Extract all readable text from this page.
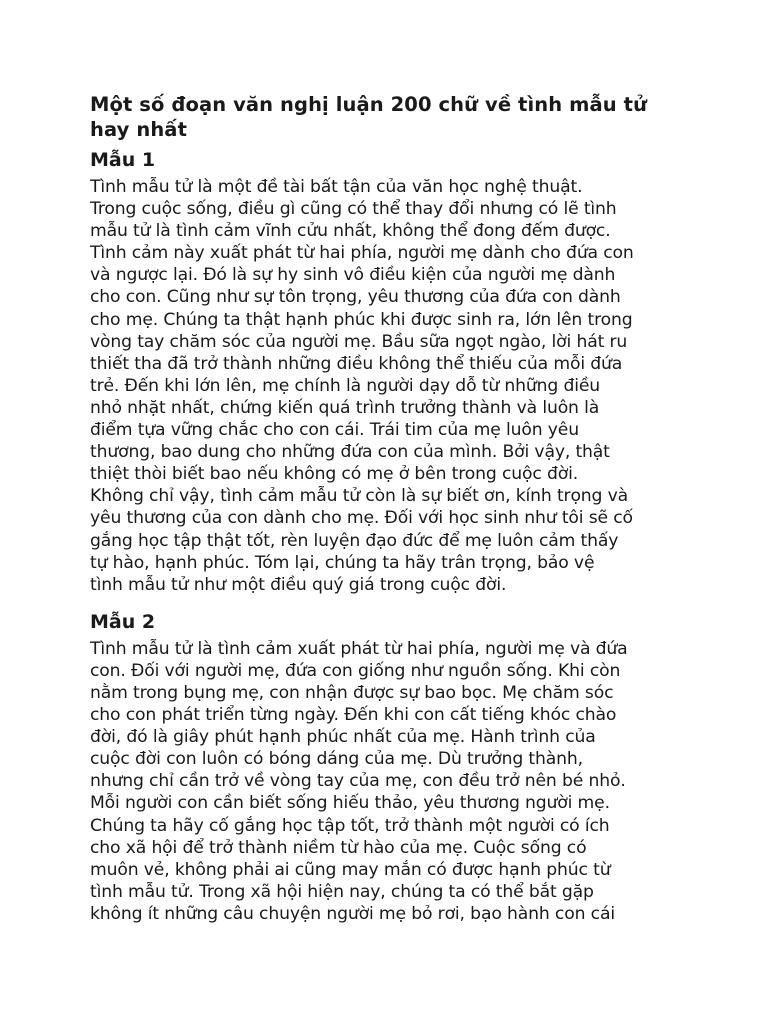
Một số đoạn văn nghị luận 200 chữ về tình mẫu tử
hay nhất
Mẫu 1

Tình mẫu tử là một đề tài bất tận của văn học nghệ thuật.
Trong cuộc sống, điều gì cũng có thể thay đổi nhưng có lẽ tình
mẫu tử là tình cảm vĩnh cửu nhất, không thể đong đếm được.
Tình cảm này xuất phát từ hai phía, người mẹ dành cho đứa con
và ngược lại. Đó là sự hy sinh vô điều kiện của người mẹ dành
cho con. Cũng như sự tôn trọng, yêu thương của đứa con dành
cho mẹ. Chúng ta thật hạnh phúc khi được sinh ra, lớn lên trong
vòng tay chăm sóc của người mẹ. Bầu sữa ngọt ngào, lời hát ru
thiết tha đã trở thành những điều không thể thiếu của mỗi đứa
trẻ. Đến khi lớn lên, mẹ chính là người dạy dỗ từ những điều
nhỏ nhặt nhất, chứng kiến quá trình trưởng thành và luôn là
điểm tựa vững chắc cho con cái. Trái tim của mẹ luôn yêu
thương, bao dung cho những đứa con của mình. Bởi vậy, thật
thiệt thòi biết bao nếu không có mẹ ở bên trong cuộc đời.
Không chỉ vậy, tình cảm mẫu tử còn là sự biết ơn, kính trọng và
yêu thương của con dành cho mẹ. Đối với học sinh như tôi sẽ cố
gắng học tập thật tốt, rèn luyện đạo đức để mẹ luôn cảm thấy
tự hào, hạnh phúc. Tóm lại, chúng ta hãy trân trọng, bảo vệ
tình mẫu tử như một điều quý giá trong cuộc đời.

Mẫu 2

Tình mẫu tử là tình cảm xuất phát từ hai phía, người mẹ và đứa
con. Đối với người mẹ, đứa con giống như nguồn sống. Khi còn
nằm trong bụng mẹ, con nhận được sự bao bọc. Mẹ chăm sóc
cho con phát triển từng ngày. Đến khi con cất tiếng khóc chào
đời, đó là giây phút hạnh phúc nhất của mẹ. Hành trình của
cuộc đời con luôn có bóng dáng của mẹ. Dù trưởng thành,
nhưng chỉ cần trở về vòng tay của mẹ, con đều trở nên bé nhỏ.
Mỗi người con cần biết sống hiếu thảo, yêu thương người mẹ.
Chúng ta hãy cố gắng học tập tốt, trở thành một người có ích
cho xã hội để trở thành niềm từ hào của mẹ. Cuộc sống có
muôn vẻ, không phải ai cũng may mắn có được hạnh phúc từ
tình mẫu tử. Trong xã hội hiện nay, chúng ta có thể bắt gặp
không ít những câu chuyện người mẹ bỏ rơi, bạo hành con cái
